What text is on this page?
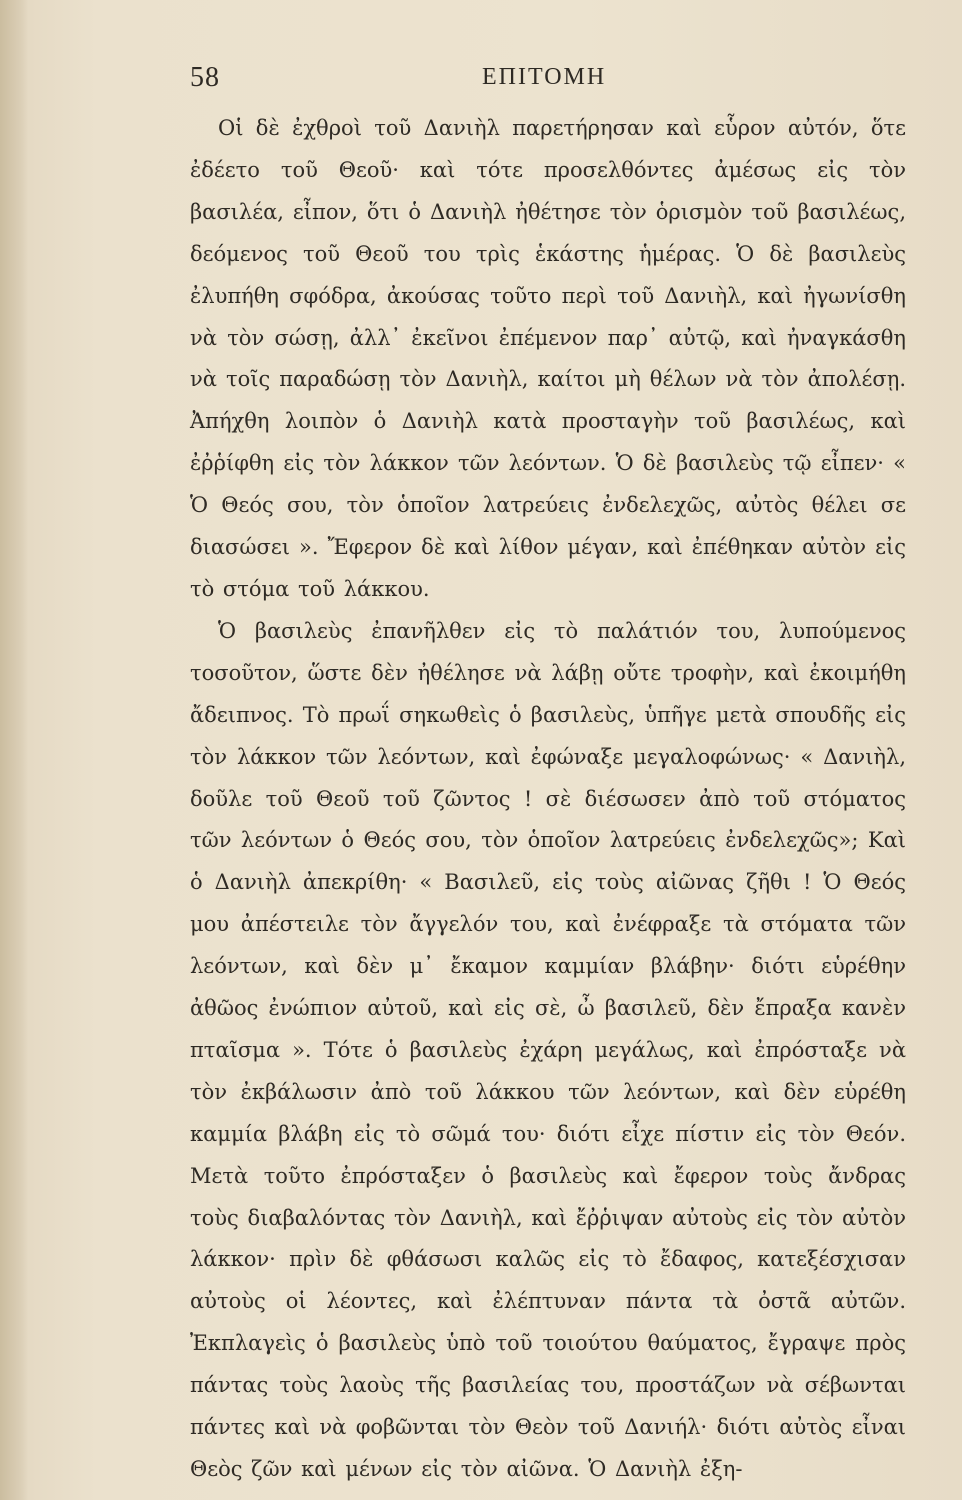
58	ΕΠΙΤΟΜΗ

Οἱ δὲ ἐχθροὶ τοῦ Δανιὴλ παρετήρησαν καὶ εὗρον αὐτόν, ὅτε ἐδέετο τοῦ Θεοῦ· καὶ τότε προσελθόντες ἀμέσως εἰς τὸν βασιλέα, εἶπον, ὅτι ὁ Δανιὴλ ἠθέτησε τὸν ὁρισμὸν τοῦ βασιλέως, δεόμενος τοῦ Θεοῦ του τρὶς ἑκάστης ἡμέρας. Ὁ δὲ βασιλεὺς ἐλυπήθη σφόδρα, ἀκούσας τοῦτο περὶ τοῦ Δανιὴλ, καὶ ἠγωνίσθη νὰ τὸν σώσῃ, ἀλλ᾽ ἐκεῖνοι ἐπέμενον παρ᾽ αὐτῷ, καὶ ἠναγκάσθη νὰ τοῖς παραδώσῃ τὸν Δανιὴλ, καίτοι μὴ θέλων νὰ τὸν ἀπολέσῃ. Ἀπήχθη λοιπὸν ὁ Δανιὴλ κατὰ προσταγὴν τοῦ βασιλέως, καὶ ἐῤῥίφθη εἰς τὸν λάκκον τῶν λεόντων. Ὁ δὲ βασιλεὺς τῷ εἶπεν· « Ὁ Θεός σου, τὸν ὁποῖον λατρεύεις ἐνδελεχῶς, αὐτὸς θέλει σε διασώσει ». Ἔφερον δὲ καὶ λίθον μέγαν, καὶ ἐπέθηκαν αὐτὸν εἰς τὸ στόμα τοῦ λάκκου.

Ὁ βασιλεὺς ἐπανῆλθεν εἰς τὸ παλάτιόν του, λυπούμενος τοσοῦτον, ὥστε δὲν ἠθέλησε νὰ λάβῃ οὔτε τροφὴν, καὶ ἐκοιμήθη ἄδειπνος. Τὸ πρωΐ σηκωθεὶς ὁ βασιλεὺς, ὑπῆγε μετὰ σπουδῆς εἰς τὸν λάκκον τῶν λεόντων, καὶ ἐφώναξε μεγαλοφώνως· « Δανιὴλ, δοῦλε τοῦ Θεοῦ τοῦ ζῶντος ! σὲ διέσωσεν ἀπὸ τοῦ στόματος τῶν λεόντων ὁ Θεός σου, τὸν ὁποῖον λατρεύεις ἐνδελεχῶς»; Καὶ ὁ Δανιὴλ ἀπεκρίθη· « Βασιλεῦ, εἰς τοὺς αἰῶνας ζῆθι ! Ὁ Θεός μου ἀπέστειλε τὸν ἄγγελόν του, καὶ ἐνέφραξε τὰ στόματα τῶν λεόντων, καὶ δὲν μ᾽ ἔκαμον καμμίαν βλάβην· διότι εὑρέθην ἀθῶος ἐνώπιον αὐτοῦ, καὶ εἰς σὲ, ὦ βασιλεῦ, δὲν ἔπραξα κανὲν πταῖσμα ». Τότε ὁ βασιλεὺς ἐχάρη μεγάλως, καὶ ἐπρόσταξε νὰ τὸν ἐκβάλωσιν ἀπὸ τοῦ λάκκου τῶν λεόντων, καὶ δὲν εὑρέθη καμμία βλάβη εἰς τὸ σῶμά του· διότι εἶχε πίστιν εἰς τὸν Θεόν. Μετὰ τοῦτο ἐπρόσταξεν ὁ βασιλεὺς καὶ ἔφερον τοὺς ἄνδρας τοὺς διαβαλόντας τὸν Δανιὴλ, καὶ ἔῤῥιψαν αὐτοὺς εἰς τὸν αὐτὸν λάκκον· πρὶν δὲ φθάσωσι καλῶς εἰς τὸ ἔδαφος, κατεξέσχισαν αὐτοὺς οἱ λέοντες, καὶ ἐλέπτυναν πάντα τὰ ὀστᾶ αὐτῶν. Ἐκπλαγεὶς ὁ βασιλεὺς ὑπὸ τοῦ τοιούτου θαύματος, ἔγραψε πρὸς πάντας τοὺς λαοὺς τῆς βασιλείας του, προστάζων νὰ σέβωνται πάντες καὶ νὰ φοβῶνται τὸν Θεὸν τοῦ Δανιήλ· διότι αὐτὸς εἶναι Θεὸς ζῶν καὶ μένων εἰς τὸν αἰῶνα. Ὁ Δανιὴλ ἐξη-
